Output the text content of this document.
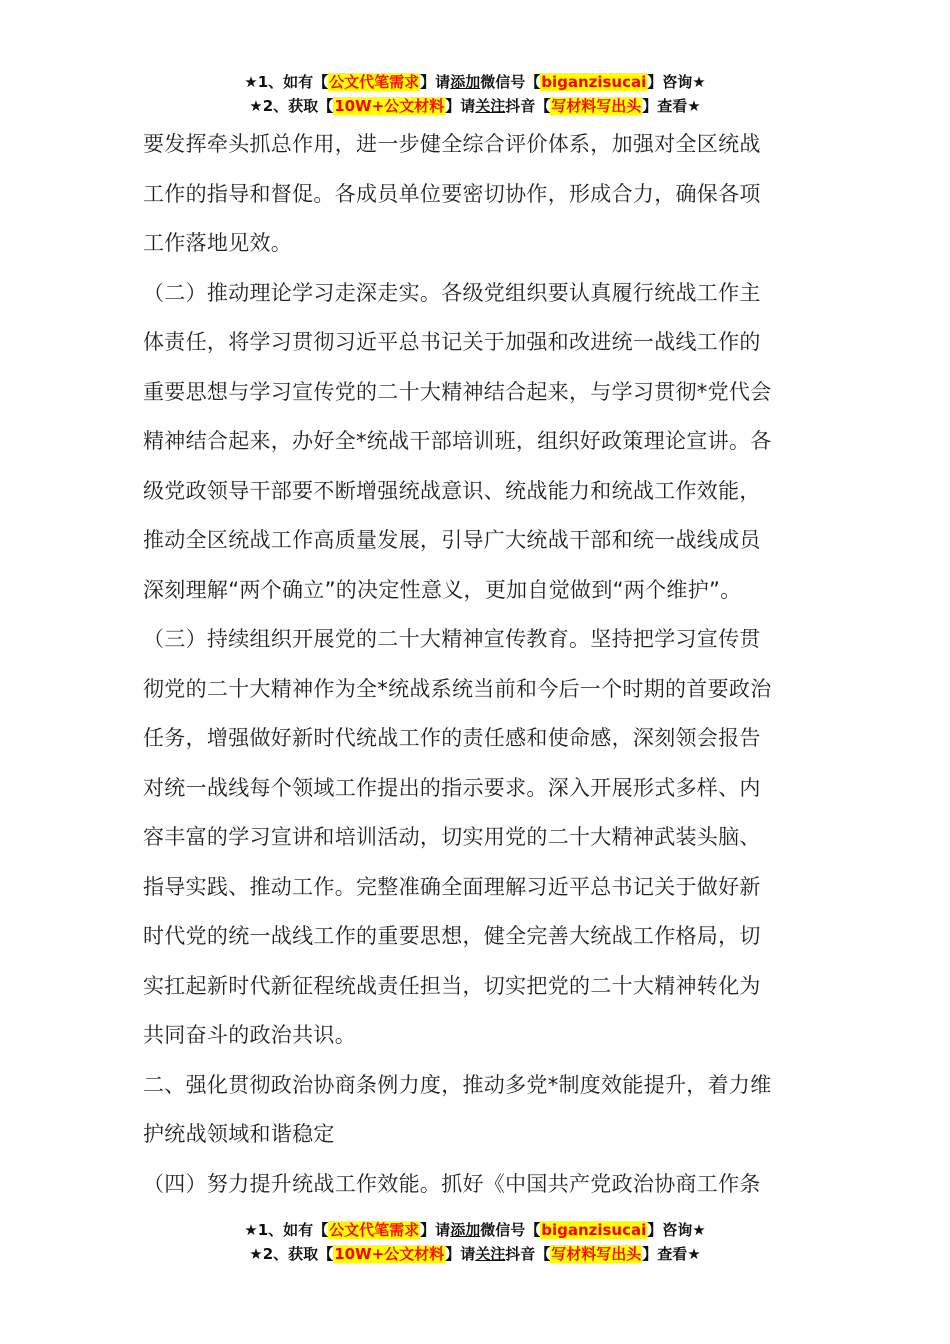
★1、如有【公文代笔需求】请添加微信号【biganzisucai】咨询★
★2、获取【10W+公文材料】请关注抖音【写材料写出头】查看★

要发挥牵头抓总作用，进一步健全综合评价体系，加强对全区统战
工作的指导和督促。各成员单位要密切协作，形成合力，确保各项
工作落地见效。

（二）推动理论学习走深走实。各级党组织要认真履行统战工作主
体责任，将学习贯彻习近平总书记关于加强和改进统一战线工作的
重要思想与学习宣传党的二十大精神结合起来，与学习贯彻*党代会
精神结合起来，办好全*统战干部培训班，组织好政策理论宣讲。各
级党政领导干部要不断增强统战意识、统战能力和统战工作效能，
推动全区统战工作高质量发展，引导广大统战干部和统一战线成员
深刻理解“两个确立”的决定性意义，更加自觉做到“两个维护”。

（三）持续组织开展党的二十大精神宣传教育。坚持把学习宣传贯
彻党的二十大精神作为全*统战系统当前和今后一个时期的首要政治
任务，增强做好新时代统战工作的责任感和使命感，深刻领会报告
对统一战线每个领域工作提出的指示要求。深入开展形式多样、内
容丰富的学习宣讲和培训活动，切实用党的二十大精神武装头脑、
指导实践、推动工作。完整准确全面理解习近平总书记关于做好新
时代党的统一战线工作的重要思想，健全完善大统战工作格局，切
实扛起新时代新征程统战责任担当，切实把党的二十大精神转化为
共同奋斗的政治共识。

二、强化贯彻政治协商条例力度，推动多党*制度效能提升，着力维
护统战领域和谐稳定

（四）努力提升统战工作效能。抓好《中国共产党政治协商工作条

★1、如有【公文代笔需求】请添加微信号【biganzisucai】咨询★
★2、获取【10W+公文材料】请关注抖音【写材料写出头】查看★
